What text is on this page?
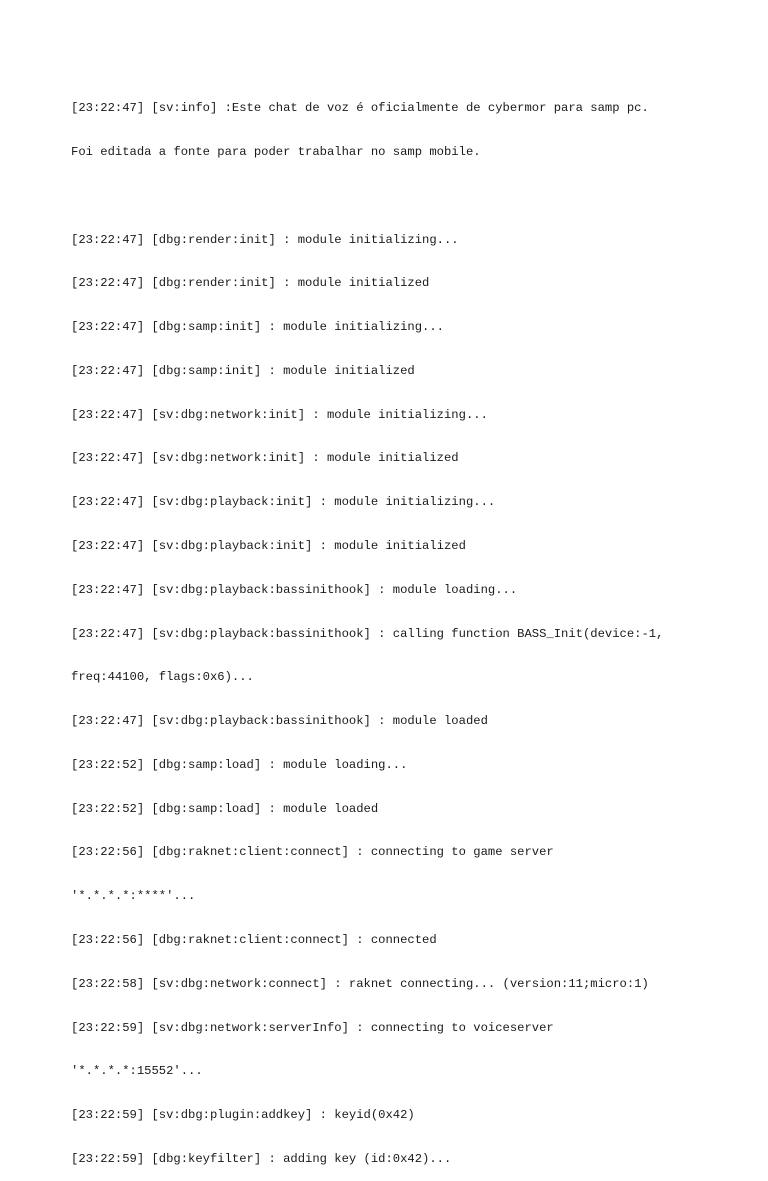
[23:22:47] [sv:info] :Este chat de voz é oficialmente de cybermor para samp pc.

Foi editada a fonte para poder trabalhar no samp mobile.

[23:22:47] [dbg:render:init] : module initializing...

[23:22:47] [dbg:render:init] : module initialized

[23:22:47] [dbg:samp:init] : module initializing...

[23:22:47] [dbg:samp:init] : module initialized

[23:22:47] [sv:dbg:network:init] : module initializing...

[23:22:47] [sv:dbg:network:init] : module initialized

[23:22:47] [sv:dbg:playback:init] : module initializing...

[23:22:47] [sv:dbg:playback:init] : module initialized

[23:22:47] [sv:dbg:playback:bassinithook] : module loading...

[23:22:47] [sv:dbg:playback:bassinithook] : calling function BASS_Init(device:-1,

freq:44100, flags:0x6)...

[23:22:47] [sv:dbg:playback:bassinithook] : module loaded

[23:22:52] [dbg:samp:load] : module loading...

[23:22:52] [dbg:samp:load] : module loaded

[23:22:56] [dbg:raknet:client:connect] : connecting to game server

'*.*.*.*:****'...

[23:22:56] [dbg:raknet:client:connect] : connected

[23:22:58] [sv:dbg:network:connect] : raknet connecting... (version:11;micro:1)

[23:22:59] [sv:dbg:network:serverInfo] : connecting to voiceserver

'*.*.*.*:15552'...

[23:22:59] [sv:dbg:plugin:addkey] : keyid(0x42)

[23:22:59] [dbg:keyfilter] : adding key (id:0x42)...
